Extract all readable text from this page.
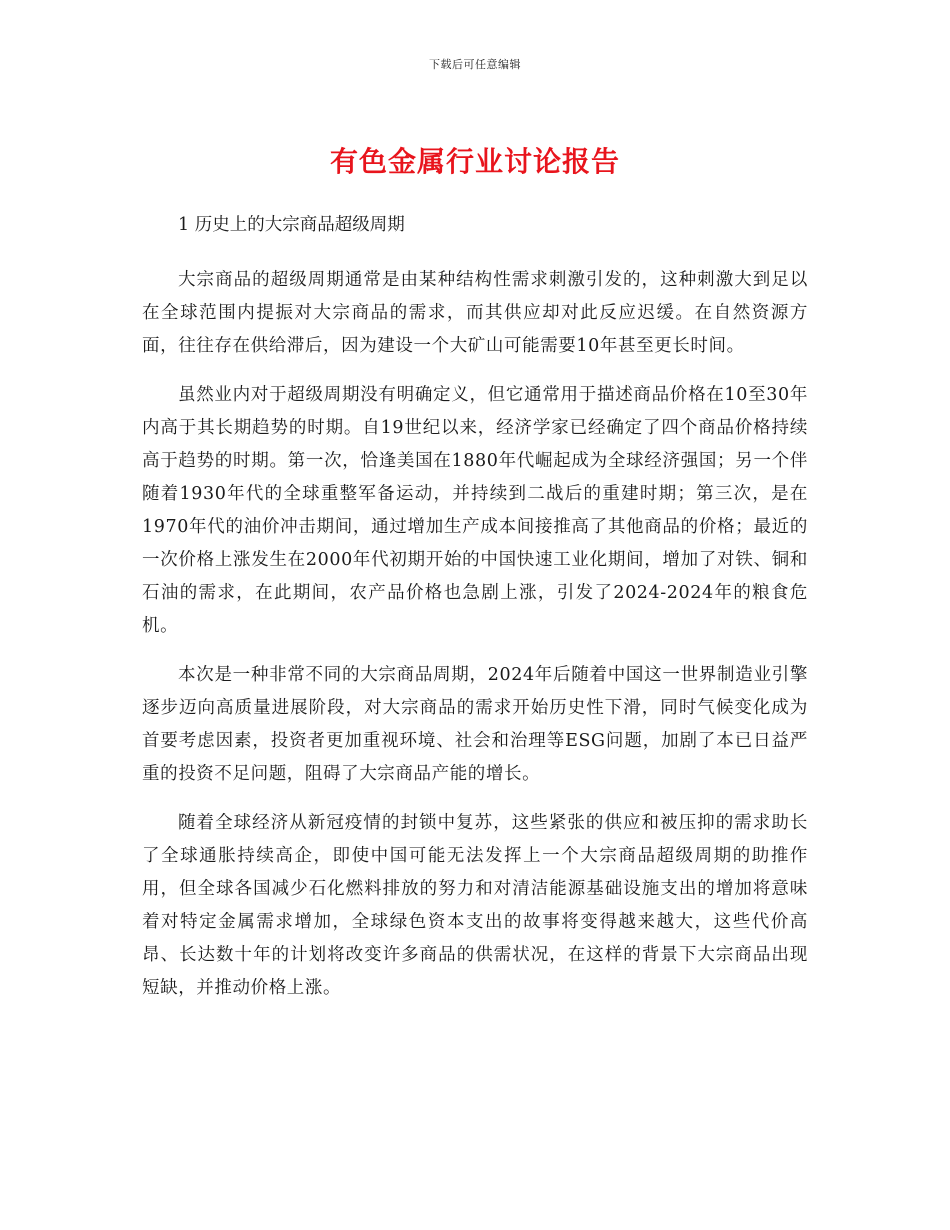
下载后可任意编辑
有色金属行业讨论报告

1 历史上的大宗商品超级周期

大宗商品的超级周期通常是由某种结构性需求刺激引发的，这种刺激大到足以在全球范围内提振对大宗商品的需求，而其供应却对此反应迟缓。在自然资源方面，往往存在供给滞后，因为建设一个大矿山可能需要10年甚至更长时间。

虽然业内对于超级周期没有明确定义，但它通常用于描述商品价格在10至30年内高于其长期趋势的时期。自19世纪以来，经济学家已经确定了四个商品价格持续高于趋势的时期。第一次，恰逢美国在1880年代崛起成为全球经济强国；另一个伴随着1930年代的全球重整军备运动，并持续到二战后的重建时期；第三次，是在1970年代的油价冲击期间，通过增加生产成本间接推高了其他商品的价格；最近的一次价格上涨发生在2000年代初期开始的中国快速工业化期间，增加了对铁、铜和石油的需求，在此期间，农产品价格也急剧上涨，引发了2024-2024年的粮食危机。

本次是一种非常不同的大宗商品周期，2024年后随着中国这一世界制造业引擎逐步迈向高质量进展阶段，对大宗商品的需求开始历史性下滑，同时气候变化成为首要考虑因素，投资者更加重视环境、社会和治理等ESG问题，加剧了本已日益严重的投资不足问题，阻碍了大宗商品产能的增长。

随着全球经济从新冠疫情的封锁中复苏，这些紧张的供应和被压抑的需求助长了全球通胀持续高企，即使中国可能无法发挥上一个大宗商品超级周期的助推作用，但全球各国减少石化燃料排放的努力和对清洁能源基础设施支出的增加将意味着对特定金属需求增加，全球绿色资本支出的故事将变得越来越大，这些代价高昂、长达数十年的计划将改变许多商品的供需状况，在这样的背景下大宗商品出现短缺，并推动价格上涨。
